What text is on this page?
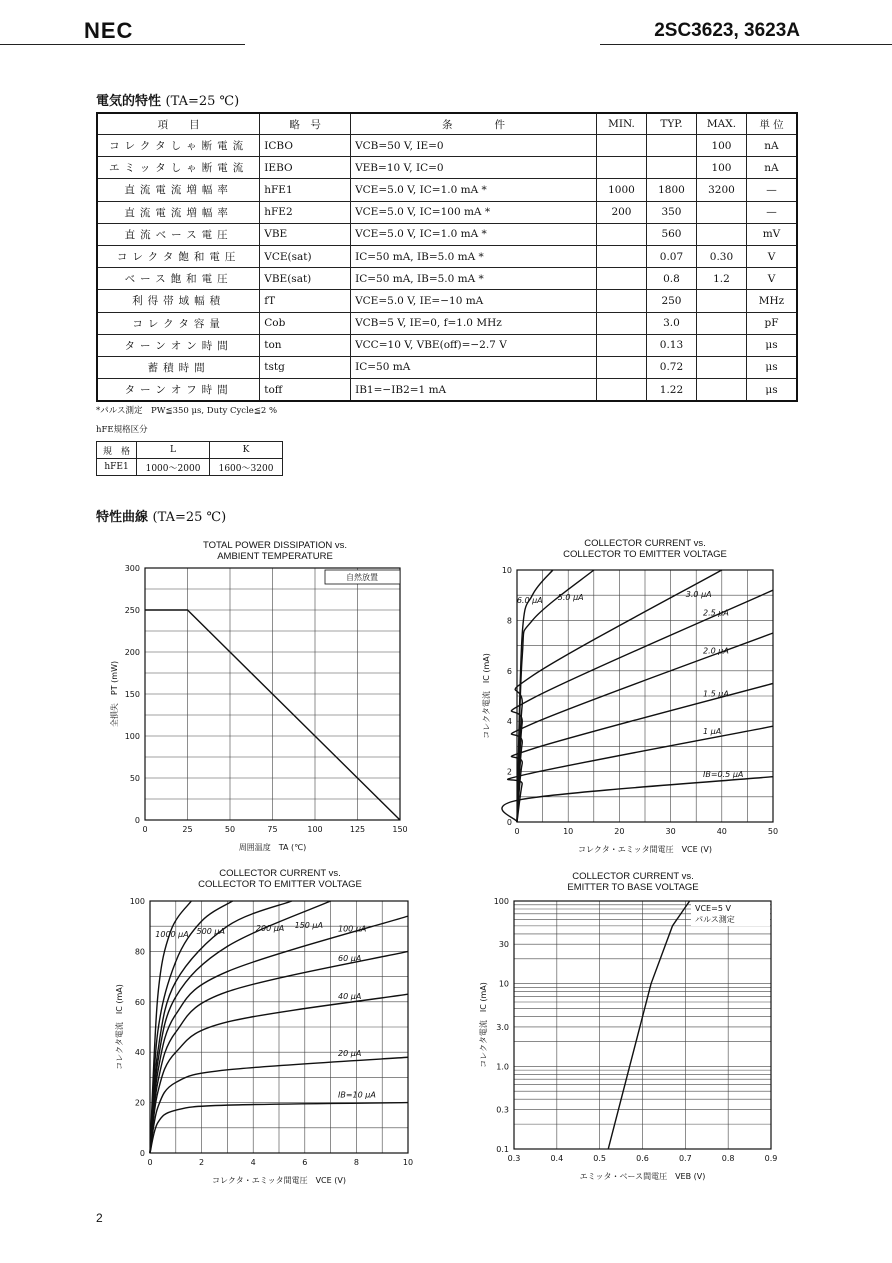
NEC	2SC3623, 3623A
電気的特性 (TA=25 ℃)
項　　目	略　号	条　　　　件	MIN.	TYP.	MAX.	単 位
コレクタしゃ断電流	ICBO	VCB=50 V, IE=0			100	nA
エミッタしゃ断電流	IEBO	VEB=10 V, IC=0			100	nA
直流電流増幅率	hFE1	VCE=5.0 V, IC=1.0 mA *	1000	1800	3200	—
直流電流増幅率	hFE2	VCE=5.0 V, IC=100 mA *	200	350		—
直流ベース電圧	VBE	VCE=5.0 V, IC=1.0 mA *		560		mV
コレクタ飽和電圧	VCE(sat)	IC=50 mA, IB=5.0 mA *		0.07	0.30	V
ベース飽和電圧	VBE(sat)	IC=50 mA, IB=5.0 mA *		0.8	1.2	V
利得帯域幅積	fT	VCE=5.0 V, IE=−10 mA		250		MHz
コレクタ容量	Cob	VCB=5 V, IE=0, f=1.0 MHz		3.0		pF
ターンオン時間	ton	VCC=10 V, VBE(off)=−2.7 V		0.13		μs
蓄積時間	tstg	IC=50 mA		0.72		μs
ターンオフ時間	toff	IB1=−IB2=1 mA		1.22		μs
*パルス測定　PW≦350 μs, Duty Cycle≦2 %
hFE規格区分
規　格	L	K
hFE1	1000～2000	1600～3200
特性曲線 (TA=25 ℃)
TOTAL POWER DISSIPATION vs.
AMBIENT TEMPERATURE
0	25	50	75	100	125	150
0
50
100
150
200
250
300
周囲温度　TA (℃)
全損失　PT (mW)
自然放置
COLLECTOR CURRENT vs.
COLLECTOR TO EMITTER VOLTAGE
0	10	20	30	40	50
0
2
4
6
8
10
コレクタ・エミッタ間電圧　VCE (V)
コレクタ電流　IC (mA)
IB=0.5 μA
1 μA
1.5 μA
2.0 μA
2.5 μA
3.0 μA
5.0 μA
6.0 μA
COLLECTOR CURRENT vs.
COLLECTOR TO EMITTER VOLTAGE
0	2	4	6	8	10
0
20
40
60
80
100
コレクタ・エミッタ間電圧　VCE (V)
コレクタ電流　IC (mA)
IB=10 μA
20 μA
40 μA
60 μA
100 μA
150 μA
200 μA
500 μA
1000 μA
COLLECTOR CURRENT vs.
EMITTER TO BASE VOLTAGE
0.3	0.4	0.5	0.6	0.7	0.8	0.9
0.1
0.3
1.0
3.0
10
30
100
エミッタ・ベース間電圧　VEB (V)
コレクタ電流　IC (mA)
VCE=5 V
パルス測定
2
